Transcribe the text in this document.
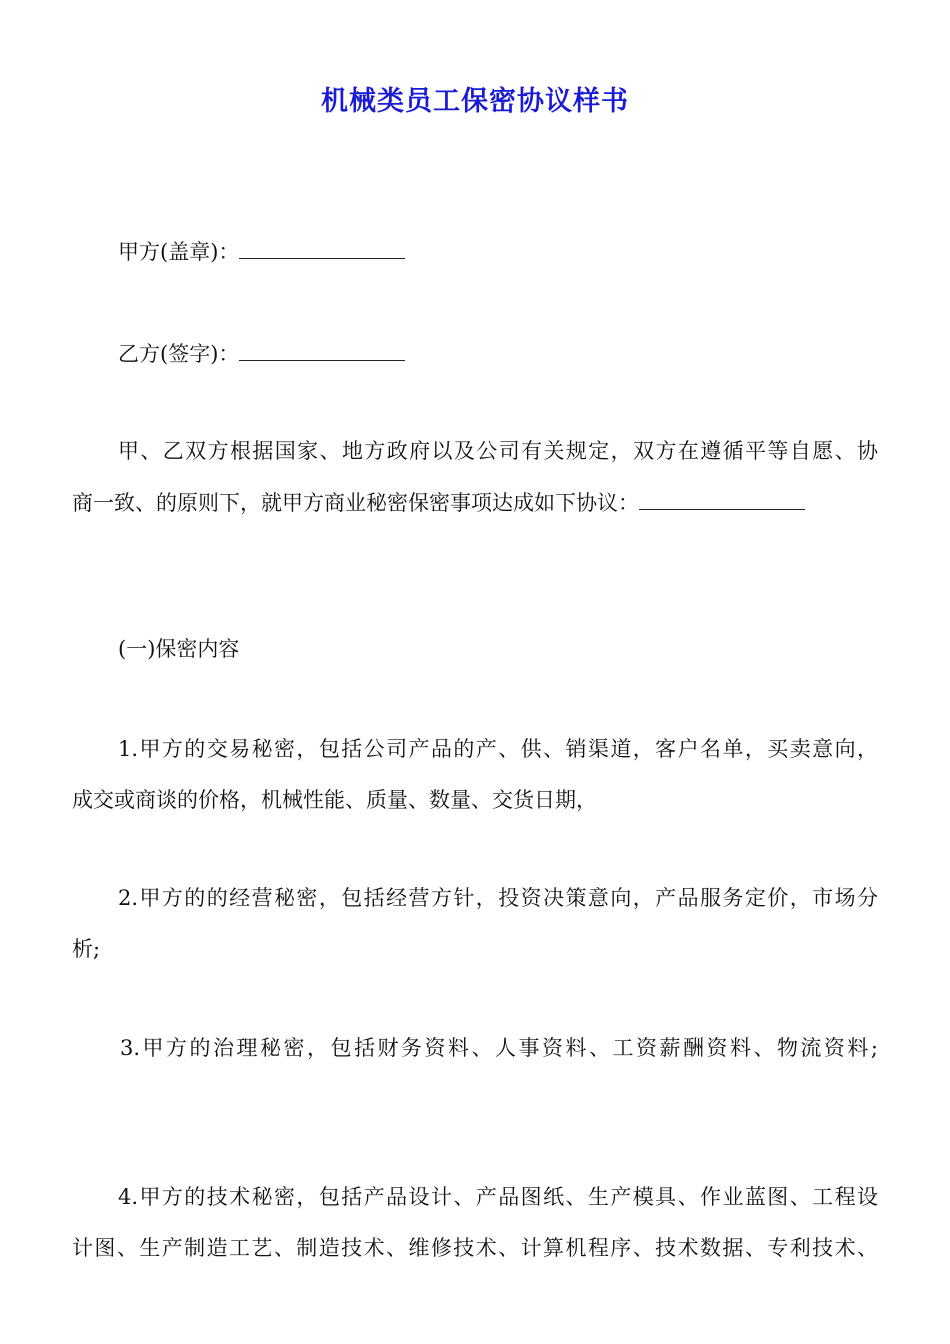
机械类员工保密协议样书
甲方(盖章)：
乙方(签字)：
甲、乙双方根据国家、地方政府以及公司有关规定，双方在遵循平等自愿、协
商一致、的原则下，就甲方商业秘密保密事项达成如下协议：
(一)保密内容
1.甲方的交易秘密，包括公司产品的产、供、销渠道，客户名单，买卖意向，
成交或商谈的价格，机械性能、质量、数量、交货日期，
2.甲方的的经营秘密，包括经营方针，投资决策意向，产品服务定价，市场分
析;
3.甲方的治理秘密，包括财务资料、人事资料、工资薪酬资料、物流资料;
4.甲方的技术秘密，包括产品设计、产品图纸、生产模具、作业蓝图、工程设
计图、生产制造工艺、制造技术、维修技术、计算机程序、技术数据、专利技术、
